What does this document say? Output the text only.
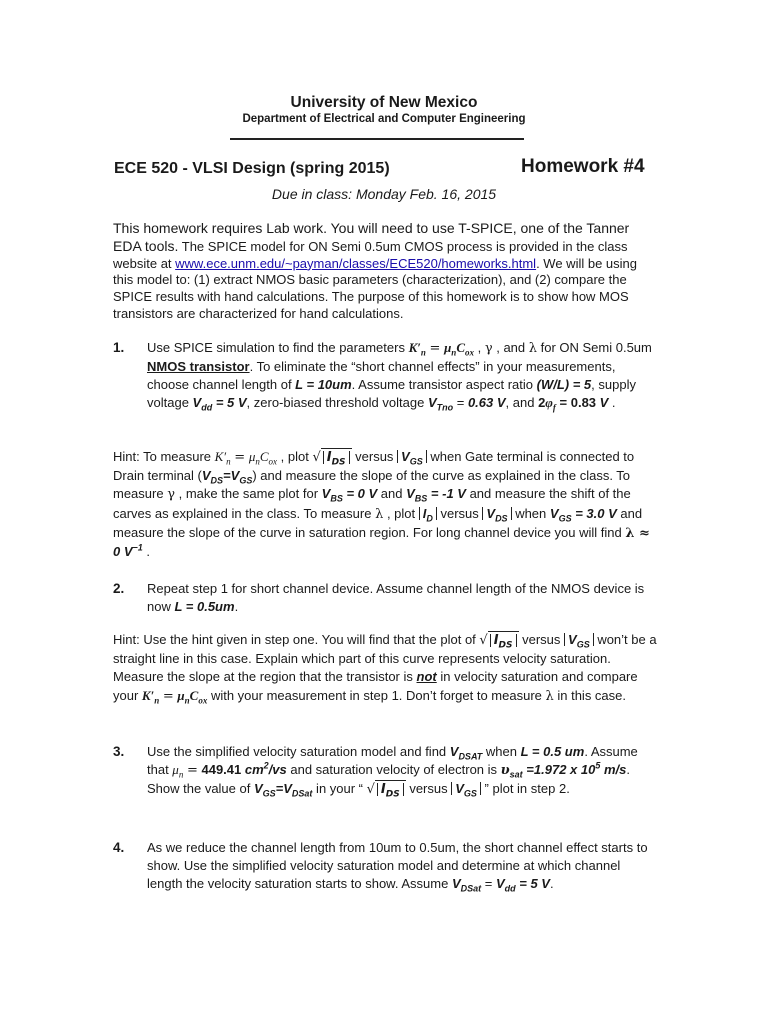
University of New Mexico
Department of Electrical and Computer Engineering
ECE 520 - VLSI Design (spring 2015)	Homework #4
Due in class: Monday Feb. 16, 2015
This homework requires Lab work. You will need to use T-SPICE, one of the Tanner EDA tools. The SPICE model for ON Semi 0.5um CMOS process is provided in the class website at www.ece.unm.edu/~payman/classes/ECE520/homeworks.html. We will be using this model to: (1) extract NMOS basic parameters (characterization), and (2) compare the SPICE results with hand calculations. The purpose of this homework is to show how MOS transistors are characterized for hand calculations.
1. Use SPICE simulation to find the parameters $K'_n = \mu_nC_{ox}$ , γ , and λ for ON Semi 0.5um NMOS transistor. To eliminate the “short channel effects” in your measurements, choose channel length of L = 10um. Assume transistor aspect ratio (W/L) = 5, supply voltage $V_{dd} = 5$ V, zero-biased threshold voltage $V_{Tno} = 0.63$ V, and $2\varphi_f = 0.83$ V .
Hint: To measure $K'_n = \mu_nC_{ox}$ , plot √ $I_{DS}$ versus $V_{GS}$ when Gate terminal is connected to Drain terminal $(V_{DS}=V_{GS})$ and measure the slope of the curve as explained in the class. To measure γ , make the same plot for $V_{BS} = 0$ V and $V_{BS} = -1$ V and measure the shift of the carves as explained in the class. To measure λ , plot $I_D$ versus $V_{DS}$ when $V_{GS} = 3.0$ V and measure the slope of the curve in saturation region. For long channel device you will find λ ≈ 0 $V^{-1}$ .
2. Repeat step 1 for short channel device. Assume channel length of the NMOS device is now L = 0.5um.
Hint: Use the hint given in step one. You will find that the plot of √ $I_{DS}$ versus $V_{GS}$ won’t be a straight line in this case. Explain which part of this curve represents velocity saturation. Measure the slope at the region that the transistor is not in velocity saturation and compare your $K'_n = \mu_nC_{ox}$ with your measurement in step 1. Don’t forget to measure λ in this case.
3. Use the simplified velocity saturation model and find $V_{DSAT}$ when L = 0.5 um. Assume that $\mu_n = 449.41$ $cm^2/vs$ and saturation velocity of electron is $\upsilon_{sat} =1.972$ x $10^5$ m/s. Show the value of $V_{GS}=V_{DSat}$ in your “ √ $I_{DS}$ versus $V_{GS}$ ” plot in step 2.
4. As we reduce the channel length from 10um to 0.5um, the short channel effect starts to show. Use the simplified velocity saturation model and determine at which channel length the velocity saturation starts to show. Assume $V_{DSat} = V_{dd} = 5$ V.
